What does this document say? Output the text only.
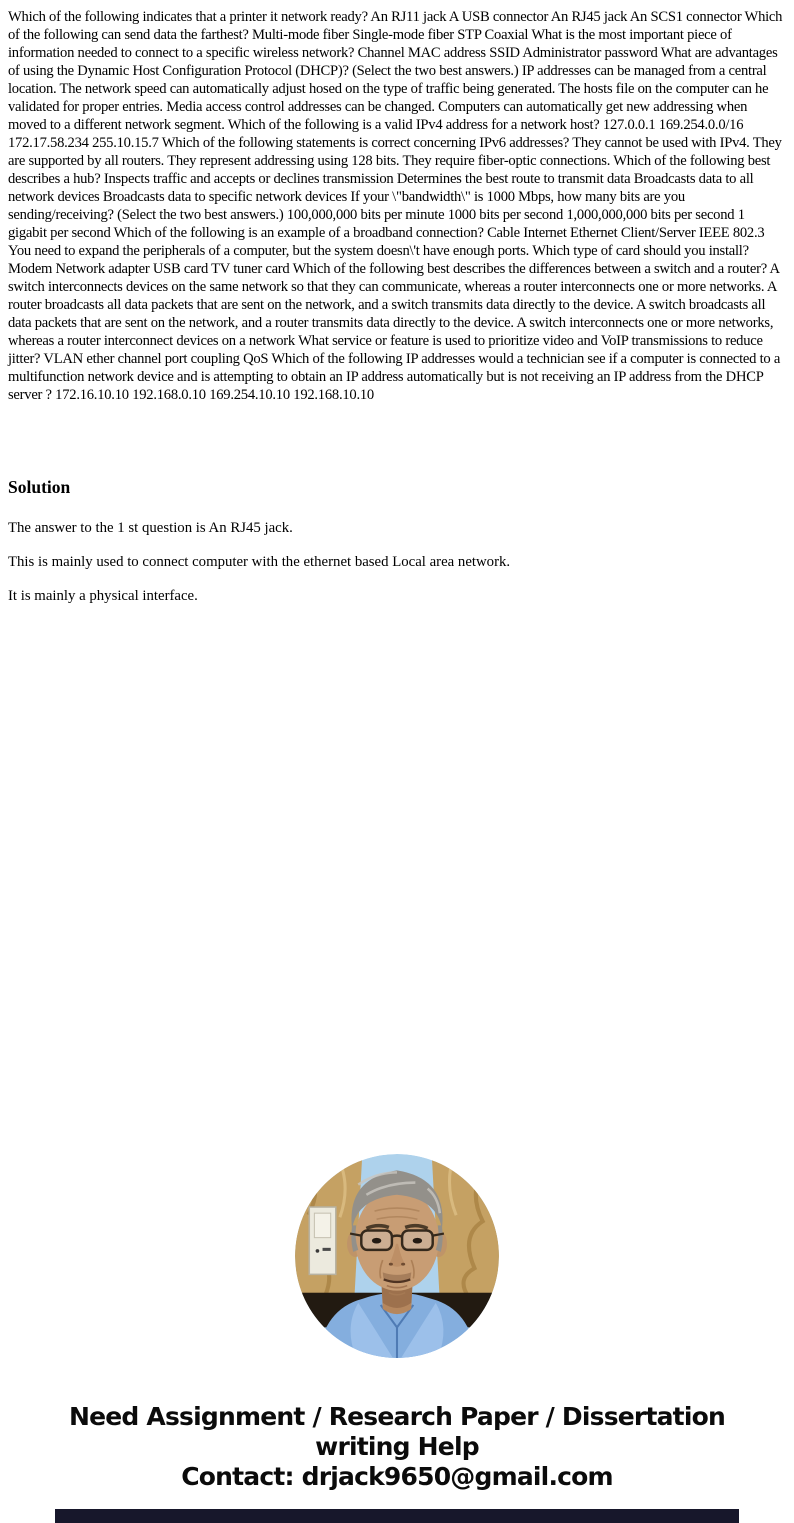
Which of the following indicates that a printer it network ready? An RJ11 jack A USB connector An RJ45 jack An SCS1 connector Which of the following can send data the farthest? Multi-mode fiber Single-mode fiber STP Coaxial What is the most important piece of information needed to connect to a specific wireless network? Channel MAC address SSID Administrator password What are advantages of using the Dynamic Host Configuration Protocol (DHCP)? (Select the two best answers.) IP addresses can be managed from a central location. The network speed can automatically adjust hosed on the type of traffic being generated. The hosts file on the computer can he validated for proper entries. Media access control addresses can be changed. Computers can automatically get new addressing when moved to a different network segment. Which of the following is a valid IPv4 address for a network host? 127.0.0.1 169.254.0.0/16 172.17.58.234 255.10.15.7 Which of the following statements is correct concerning IPv6 addresses? They cannot be used with IPv4. They are supported by all routers. They represent addressing using 128 bits. They require fiber-optic connections. Which of the following best describes a hub? Inspects traffic and accepts or declines transmission Determines the best route to transmit data Broadcasts data to all network devices Broadcasts data to specific network devices If your \"bandwidth\" is 1000 Mbps, how many bits are you sending/receiving? (Select the two best answers.) 100,000,000 bits per minute 1000 bits per second 1,000,000,000 bits per second 1 gigabit per second Which of the following is an example of a broadband connection? Cable Internet Ethernet Client/Server IEEE 802.3 You need to expand the peripherals of a computer, but the system doesn\'t have enough ports. Which type of card should you install? Modem Network adapter USB card TV tuner card Which of the following best describes the differences between a switch and a router? A switch interconnects devices on the same network so that they can communicate, whereas a router interconnects one or more networks. A router broadcasts all data packets that are sent on the network, and a switch transmits data directly to the device. A switch broadcasts all data packets that are sent on the network, and a router transmits data directly to the device. A switch interconnects one or more networks, whereas a router interconnect devices on a network What service or feature is used to prioritize video and VoIP transmissions to reduce jitter? VLAN ether channel port coupling QoS Which of the following IP addresses would a technician see if a computer is connected to a multifunction network device and is attempting to obtain an IP address automatically but is not receiving an IP address from the DHCP server ? 172.16.10.10 192.168.0.10 169.254.10.10 192.168.10.10
Solution

The answer to the 1 st question is An RJ45 jack.

This is mainly used to connect computer with the ethernet based Local area network.

It is mainly a physical interface.

Need Assignment / Research Paper / Dissertation
writing Help
Contact: drjack9650@gmail.com
